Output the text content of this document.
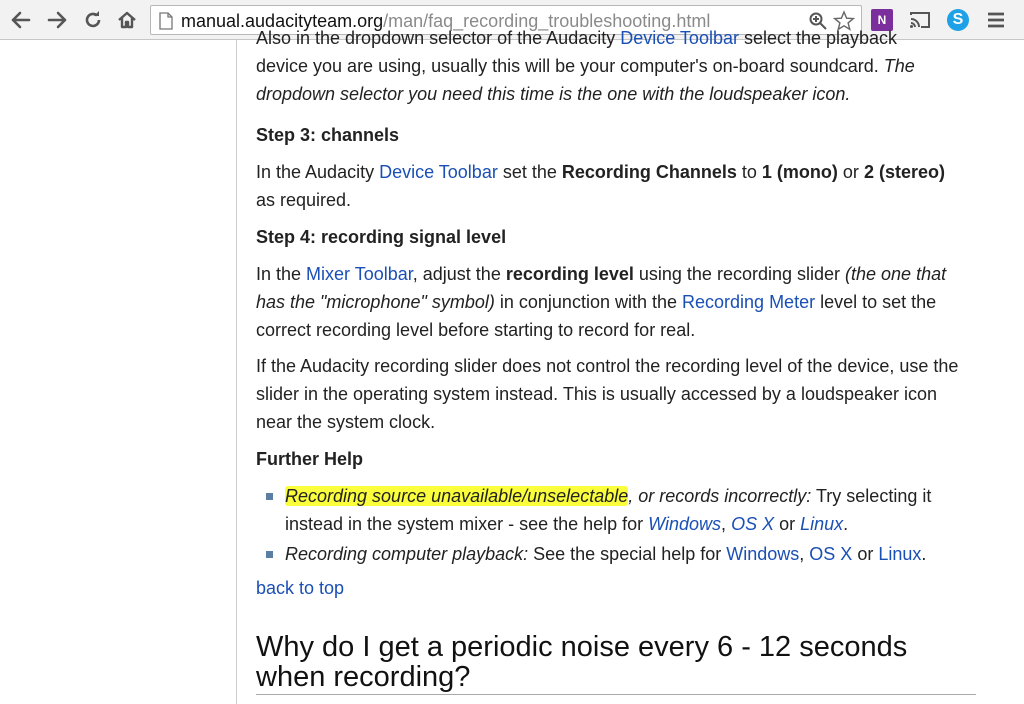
manual.audacityteam.org/man/faq_recording_troubleshooting.html	N	S

Also in the dropdown selector of the Audacity Device Toolbar select the playback
device you are using, usually this will be your computer's on-board soundcard. The dropdown selector you need this time is the one with the loudspeaker icon.

Step 3: channels

In the Audacity Device Toolbar set the Recording Channels to 1 (mono) or 2 (stereo) as required.

Step 4: recording signal level

In the Mixer Toolbar, adjust the recording level using the recording slider (the one that has the "microphone" symbol) in conjunction with the Recording Meter level to set the correct recording level before starting to record for real.

If the Audacity recording slider does not control the recording level of the device, use the slider in the operating system instead. This is usually accessed by a loudspeaker icon near the system clock.

Further Help
Recording source unavailable/unselectable, or records incorrectly: Try selecting it instead in the system mixer - see the help for Windows, OS X or Linux.
Recording computer playback: See the special help for Windows, OS X or Linux.
back to top
Why do I get a periodic noise every 6 - 12 seconds when recording?
